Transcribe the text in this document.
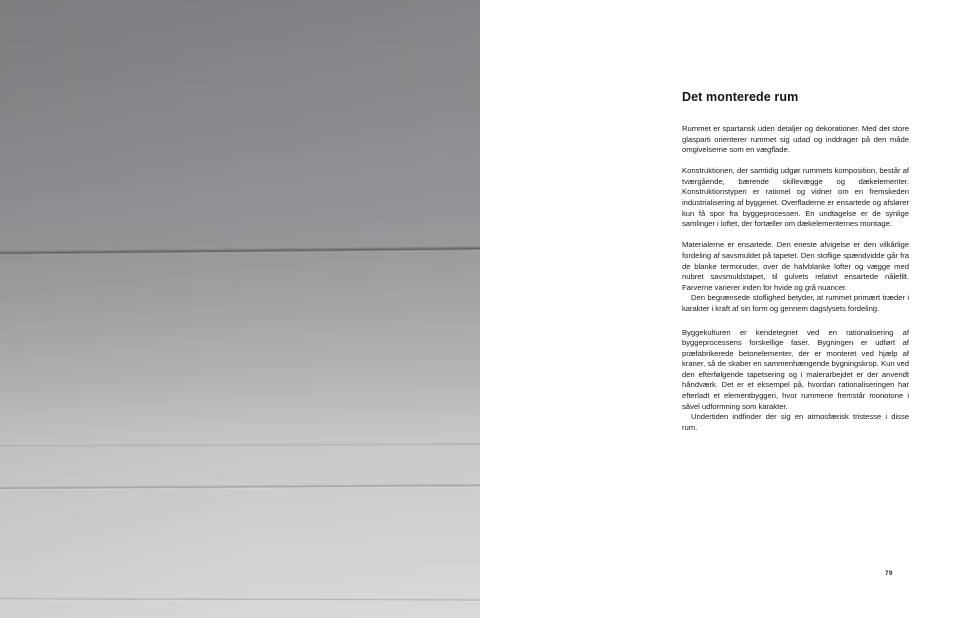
Det monterede rum

Rummet er spartansk uden detaljer og dekorationer. Med det store glasparti orienterer rummet sig udad og inddrager på den måde omgivelserne som en vægflade.

Konstruktionen, der samtidig udgør rummets komposition, består af tværgående, bærende skillevægge og dækelementer. Konstruktionstypen er rationel og vidner om en fremskeden industrialisering af byggeriet. Overfladerne er ensartede og afslører kun få spor fra byggeprocessen. En undtagelse er de synlige samlinger i loftet, der fortæller om dækelementernes montage.

Materialerne er ensartede. Den eneste afvigelse er den vilkårlige fordeling af savsmuldet på tapetet. Den stoflige spændvidde går fra de blanke termoruder, over de halvblanke lofter og vægge med nubret savsmuldstapet, til gulvets relativt ensartede nålefilt. Farverne varierer inden for hvide og grå nuancer.

Den begrænsede stoflighed betyder, at rummet primært træder i karakter i kraft af sin form og gennem dagslysets fordeling.

Byggekulturen er kendetegnet ved en rationalisering af byggeprocessens forskellige faser. Bygningen er udført af præfabrikerede betonelementer, der er monteret ved hjælp af kraner, så de skaber en sammenhængende bygningskrop. Kun ved den efterfølgende tapetsering og i malerarbejdet er der anvendt håndværk. Det er et eksempel på, hvordan rationaliseringen har efterladt et elementbyggeri, hvor rummene fremstår monotone i såvel udformning som karakter.

Undertiden indfinder der sig en atmosfærisk tristesse i disse rum.

79
